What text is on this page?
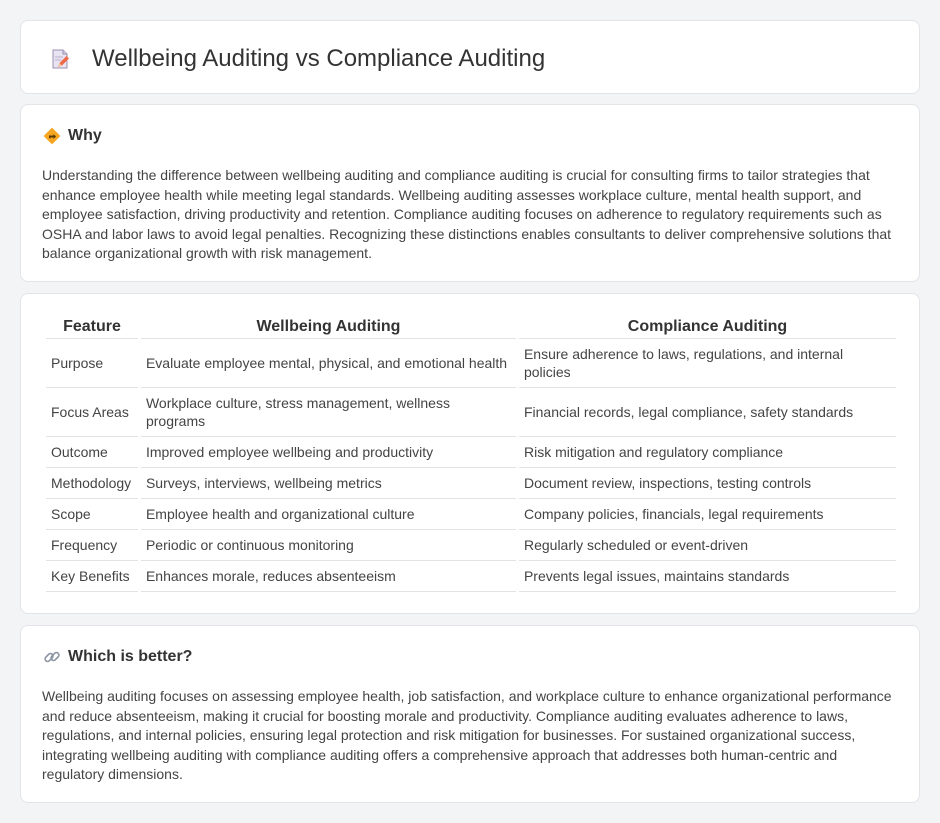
Wellbeing Auditing vs Compliance Auditing
Why

Understanding the difference between wellbeing auditing and compliance auditing is crucial for consulting firms to tailor strategies that enhance employee health while meeting legal standards. Wellbeing auditing assesses workplace culture, mental health support, and employee satisfaction, driving productivity and retention. Compliance auditing focuses on adherence to regulatory requirements such as OSHA and labor laws to avoid legal penalties. Recognizing these distinctions enables consultants to deliver comprehensive solutions that balance organizational growth with risk management.

Feature	Wellbeing Auditing	Compliance Auditing
Purpose	Evaluate employee mental, physical, and emotional health	Ensure adherence to laws, regulations, and internal policies
Focus Areas	Workplace culture, stress management, wellness programs	Financial records, legal compliance, safety standards
Outcome	Improved employee wellbeing and productivity	Risk mitigation and regulatory compliance
Methodology	Surveys, interviews, wellbeing metrics	Document review, inspections, testing controls
Scope	Employee health and organizational culture	Company policies, financials, legal requirements
Frequency	Periodic or continuous monitoring	Regularly scheduled or event-driven
Key Benefits	Enhances morale, reduces absenteeism	Prevents legal issues, maintains standards
Which is better?

Wellbeing auditing focuses on assessing employee health, job satisfaction, and workplace culture to enhance organizational performance and reduce absenteeism, making it crucial for boosting morale and productivity. Compliance auditing evaluates adherence to laws, regulations, and internal policies, ensuring legal protection and risk mitigation for businesses. For sustained organizational success, integrating wellbeing auditing with compliance auditing offers a comprehensive approach that addresses both human-centric and regulatory dimensions.
